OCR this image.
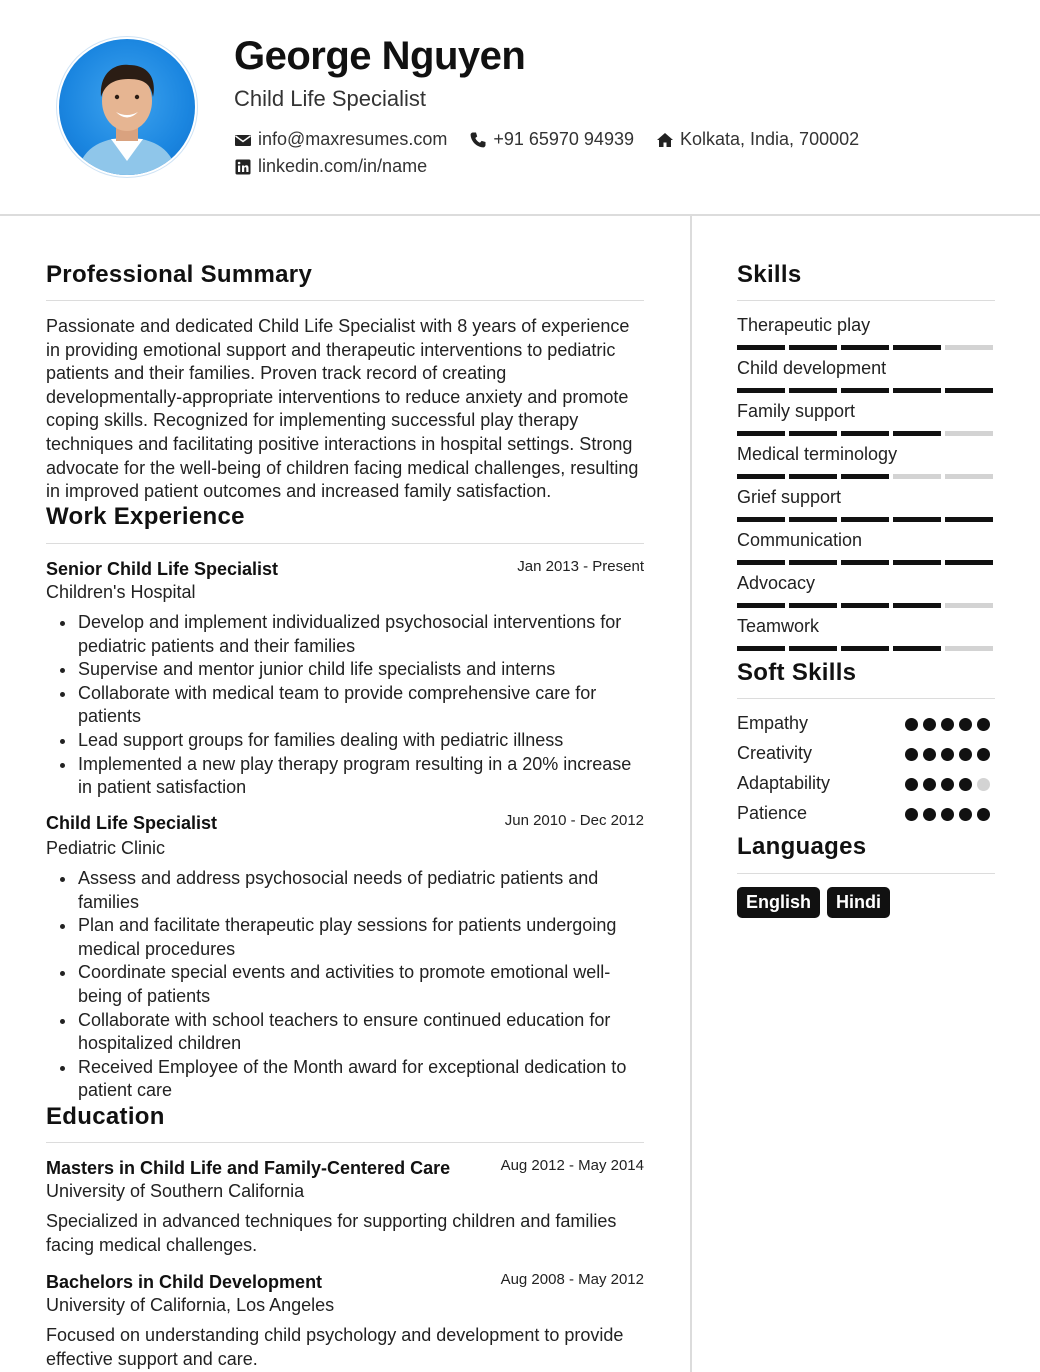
George Nguyen
Child Life Specialist
info@maxresumes.com	+91 65970 94939	Kolkata, India, 700002
linkedin.com/in/name
Professional Summary
Passionate and dedicated Child Life Specialist with 8 years of experience in providing emotional support and therapeutic interventions to pediatric patients and their families. Proven track record of creating developmentally-appropriate interventions to reduce anxiety and promote coping skills. Recognized for implementing successful play therapy techniques and facilitating positive interactions in hospital settings. Strong advocate for the well-being of children facing medical challenges, resulting in improved patient outcomes and increased family satisfaction.
Work Experience
Senior Child Life Specialist	Jan 2013 - Present
Children's Hospital
Develop and implement individualized psychosocial interventions for pediatric patients and their families
Supervise and mentor junior child life specialists and interns
Collaborate with medical team to provide comprehensive care for patients
Lead support groups for families dealing with pediatric illness
Implemented a new play therapy program resulting in a 20% increase in patient satisfaction
Child Life Specialist	Jun 2010 - Dec 2012
Pediatric Clinic
Assess and address psychosocial needs of pediatric patients and families
Plan and facilitate therapeutic play sessions for patients undergoing medical procedures
Coordinate special events and activities to promote emotional well-being of patients
Collaborate with school teachers to ensure continued education for hospitalized children
Received Employee of the Month award for exceptional dedication to patient care
Education
Masters in Child Life and Family-Centered Care	Aug 2012 - May 2014
University of Southern California
Specialized in advanced techniques for supporting children and families facing medical challenges.
Bachelors in Child Development	Aug 2008 - May 2012
University of California, Los Angeles
Focused on understanding child psychology and development to provide effective support and care.
Skills
Therapeutic play
Child development
Family support
Medical terminology
Grief support
Communication
Advocacy
Teamwork
Soft Skills
Empathy
Creativity
Adaptability
Patience
Languages
English	Hindi
